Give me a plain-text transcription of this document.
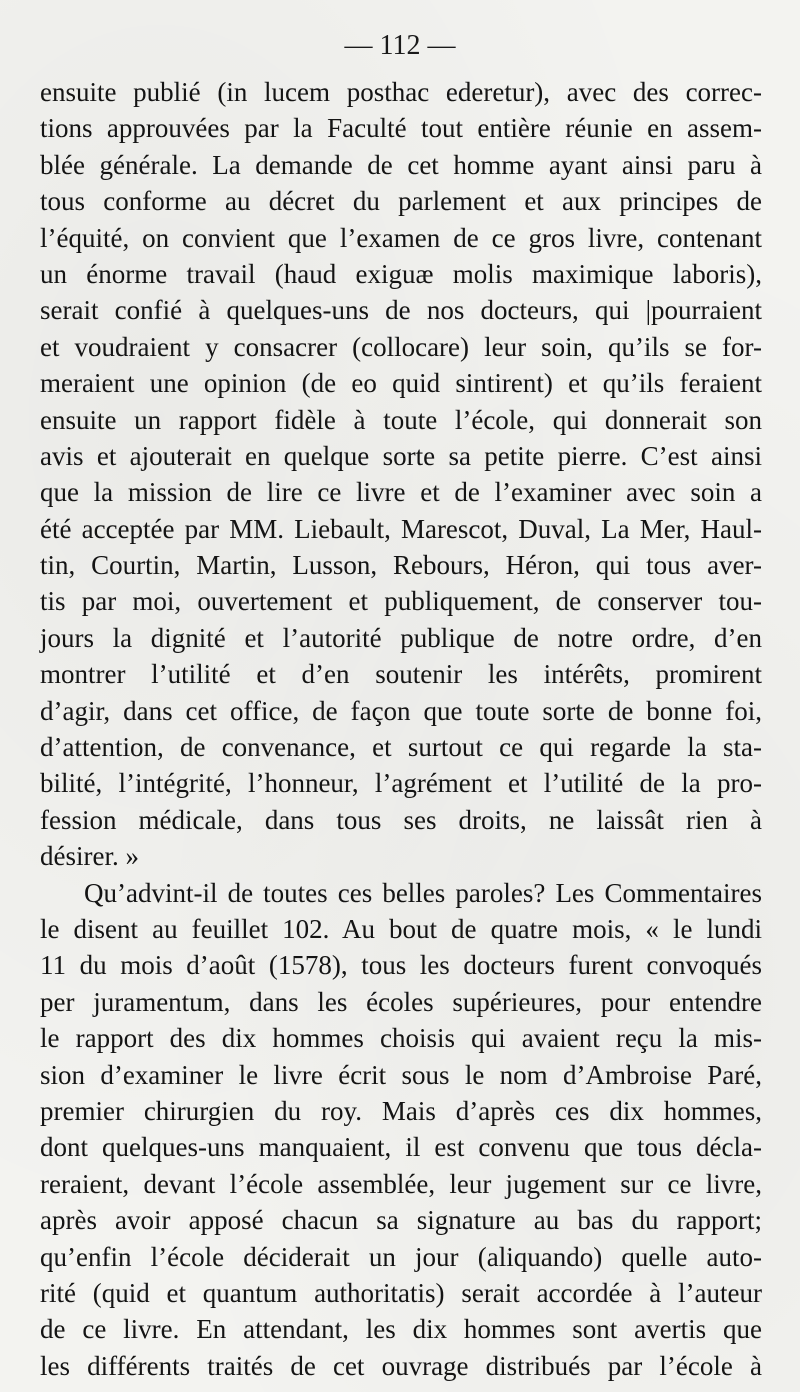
— 112 —
ensuite publié (in lucem posthac ederetur), avec des correc-
tions approuvées par la Faculté tout entière réunie en assem-
blée générale. La demande de cet homme ayant ainsi paru à
tous conforme au décret du parlement et aux principes de
l’équité, on convient que l’examen de ce gros livre, contenant
un énorme travail (haud exiguæ molis maximique laboris),
serait confié à quelques-uns de nos docteurs, qui |pourraient
et voudraient y consacrer (collocare) leur soin, qu’ils se for-
meraient une opinion (de eo quid sintirent) et qu’ils feraient
ensuite un rapport fidèle à toute l’école, qui donnerait son
avis et ajouterait en quelque sorte sa petite pierre. C’est ainsi
que la mission de lire ce livre et de l’examiner avec soin a
été acceptée par MM. Liebault, Marescot, Duval, La Mer, Haul-
tin, Courtin, Martin, Lusson, Rebours, Héron, qui tous aver-
tis par moi, ouvertement et publiquement, de conserver tou-
jours la dignité et l’autorité publique de notre ordre, d’en
montrer l’utilité et d’en soutenir les intérêts, promirent
d’agir, dans cet office, de façon que toute sorte de bonne foi,
d’attention, de convenance, et surtout ce qui regarde la sta-
bilité, l’intégrité, l’honneur, l’agrément et l’utilité de la pro-
fession médicale, dans tous ses droits, ne laissât rien à
désirer. »
Qu’advint-il de toutes ces belles paroles? Les Commentaires
le disent au feuillet 102. Au bout de quatre mois, « le lundi
11 du mois d’août (1578), tous les docteurs furent convoqués
per juramentum, dans les écoles supérieures, pour entendre
le rapport des dix hommes choisis qui avaient reçu la mis-
sion d’examiner le livre écrit sous le nom d’Ambroise Paré,
premier chirurgien du roy. Mais d’après ces dix hommes,
dont quelques-uns manquaient, il est convenu que tous décla-
reraient, devant l’école assemblée, leur jugement sur ce livre,
après avoir apposé chacun sa signature au bas du rapport;
qu’enfin l’école déciderait un jour (aliquando) quelle auto-
rité (quid et quantum authoritatis) serait accordée à l’auteur
de ce livre. En attendant, les dix hommes sont avertis que
les différents traités de cet ouvrage distribués par l’école à
